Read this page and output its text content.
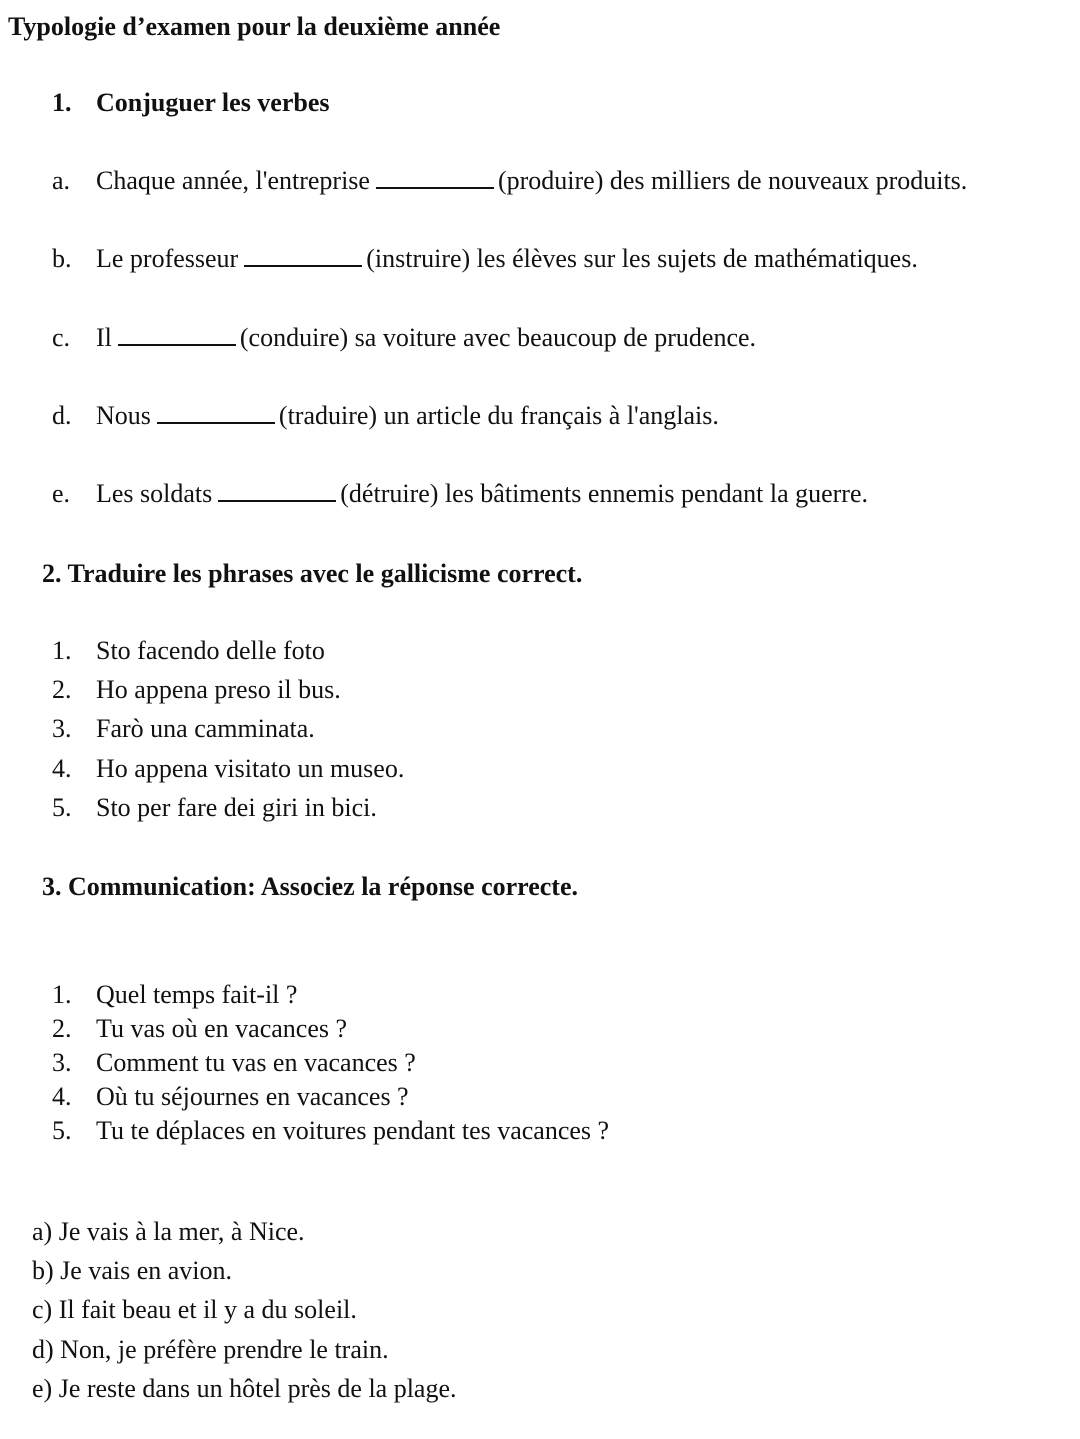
Typologie d’examen pour la deuxième année
1. Conjuguer les verbes
a. Chaque année, l'entreprise	(produire) des milliers de nouveaux produits.
b. Le professeur	(instruire) les élèves sur les sujets de mathématiques.
c. Il	(conduire) sa voiture avec beaucoup de prudence.
d. Nous	(traduire) un article du français à l'anglais.
e. Les soldats	(détruire) les bâtiments ennemis pendant la guerre.
2. Traduire les phrases avec le gallicisme correct.
1. Sto facendo delle foto
2. Ho appena preso il bus.
3. Farò una camminata.
4. Ho appena visitato un museo.
5. Sto per fare dei giri in bici.
3. Communication: Associez la réponse correcte.
1. Quel temps fait-il ?
2. Tu vas où en vacances ?
3. Comment tu vas en vacances ?
4. Où tu séjournes en vacances ?
5. Tu te déplaces en voitures pendant tes vacances ?
a) Je vais à la mer, à Nice.
b) Je vais en avion.
c) Il fait beau et il y a du soleil.
d) Non, je préfère prendre le train.
e) Je reste dans un hôtel près de la plage.
